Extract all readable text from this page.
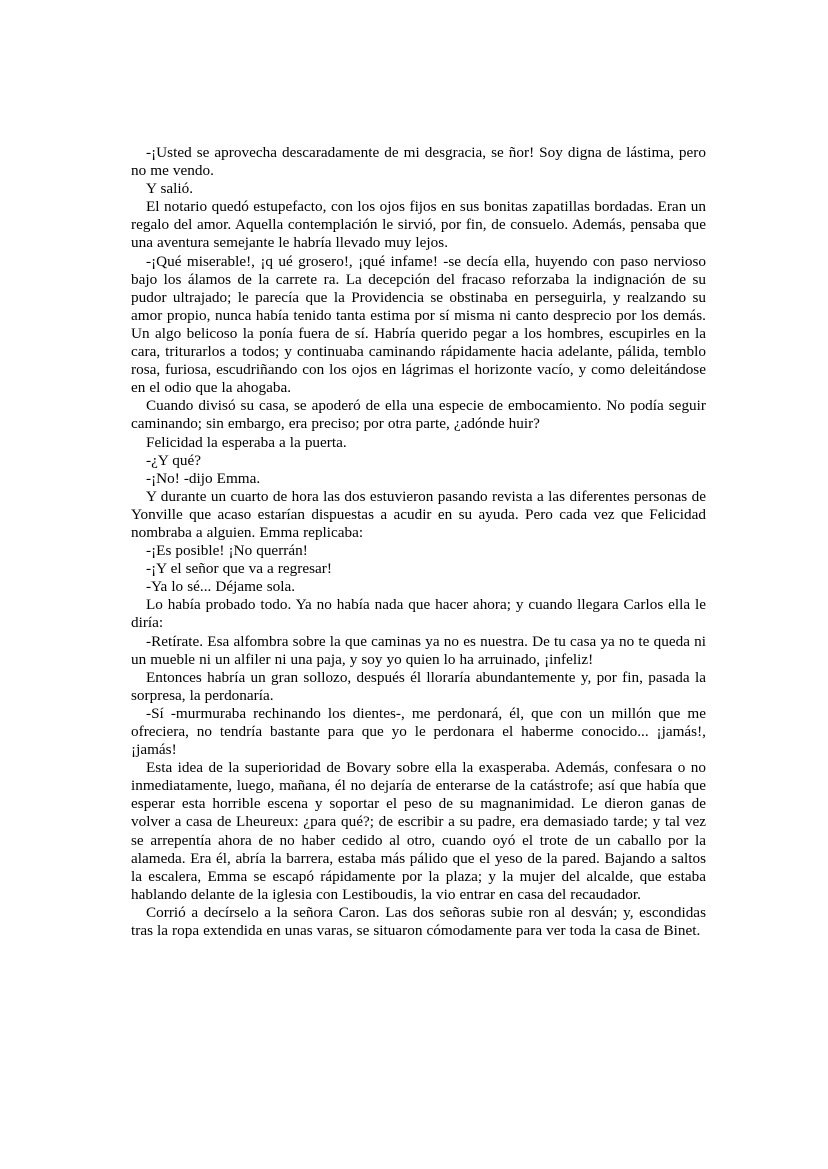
-¡Usted se aprovecha descaradamente de mi desgracia, se ñor! Soy digna de lástima, pero no me vendo.

Y salió.

El notario quedó estupefacto, con los ojos fijos en sus bonitas zapatillas bordadas. Eran un regalo del amor. Aquella contemplación le sirvió, por fin, de consuelo. Además, pensaba que una aventura semejante le habría llevado muy lejos.

-¡Qué miserable!, ¡q ué grosero!, ¡qué infame! -se decía ella, huyendo con paso nervioso bajo los álamos de la carrete ra. La decepción del fracaso reforzaba la indignación de su pudor ultrajado; le parecía que la Providencia se obstinaba en perseguirla, y realzando su amor propio, nunca había tenido tanta estima por sí misma ni canto desprecio por los demás. Un algo belicoso la ponía fuera de sí. Habría querido pegar a los hombres, escupirles en la cara, triturarlos a todos; y continuaba caminando rápidamente hacia adelante, pálida, temblo rosa, furiosa, escudriñando con los ojos en lágrimas el horizonte vacío, y como deleitándose en el odio que la ahogaba.

Cuando divisó su casa, se apoderó de ella una especie de embocamiento. No podía seguir caminando; sin embargo, era preciso; por otra parte, ¿adónde huir?

Felicidad la esperaba a la puerta.

-¿Y qué?

-¡No! -dijo Emma.

Y durante un cuarto de hora las dos estuvieron pasando revista a las diferentes personas de Yonville que acaso estarían dispuestas a acudir en su ayuda. Pero cada vez que Felicidad nombraba a alguien. Emma replicaba:

-¡Es posible! ¡No querrán!

-¡Y el señor que va a regresar!

-Ya lo sé... Déjame sola.

Lo había probado todo. Ya no había nada que hacer ahora; y cuando llegara Carlos ella le diría:

-Retírate. Esa alfombra sobre la que caminas ya no es nuestra. De tu casa ya no te queda ni un mueble ni un alfiler ni una paja, y soy yo quien lo ha arruinado, ¡infeliz!

Entonces habría un gran sollozo, después él lloraría abundantemente y, por fin, pasada la sorpresa, la perdonaría.

-Sí -murmuraba rechinando los dientes-, me perdonará, él, que con un millón que me ofreciera, no tendría bastante para que yo le perdonara el haberme conocido... ¡jamás!, ¡jamás!

Esta idea de la superioridad de Bovary sobre ella la exasperaba. Además, confesara o no inmediatamente, luego, mañana, él no dejaría de enterarse de la catástrofe; así que había que esperar esta horrible escena y soportar el peso de su magnanimidad. Le dieron ganas de volver a casa de Lheureux: ¿para qué?; de escribir a su padre, era demasiado tarde; y tal vez se arrepentía ahora de no haber cedido al otro, cuando oyó el trote de un caballo por la alameda. Era él, abría la barrera, estaba más pálido que el yeso de la pared. Bajando a saltos la escalera, Emma se escapó rápidamente por la plaza; y la mujer del alcalde, que estaba hablando delante de la iglesia con Lestiboudis, la vio entrar en casa del recaudador.

Corrió a decírselo a la señora Caron. Las dos señoras subie ron al desván; y, escondidas tras la ropa extendida en unas varas, se situaron cómodamente para ver toda la casa de Binet.
